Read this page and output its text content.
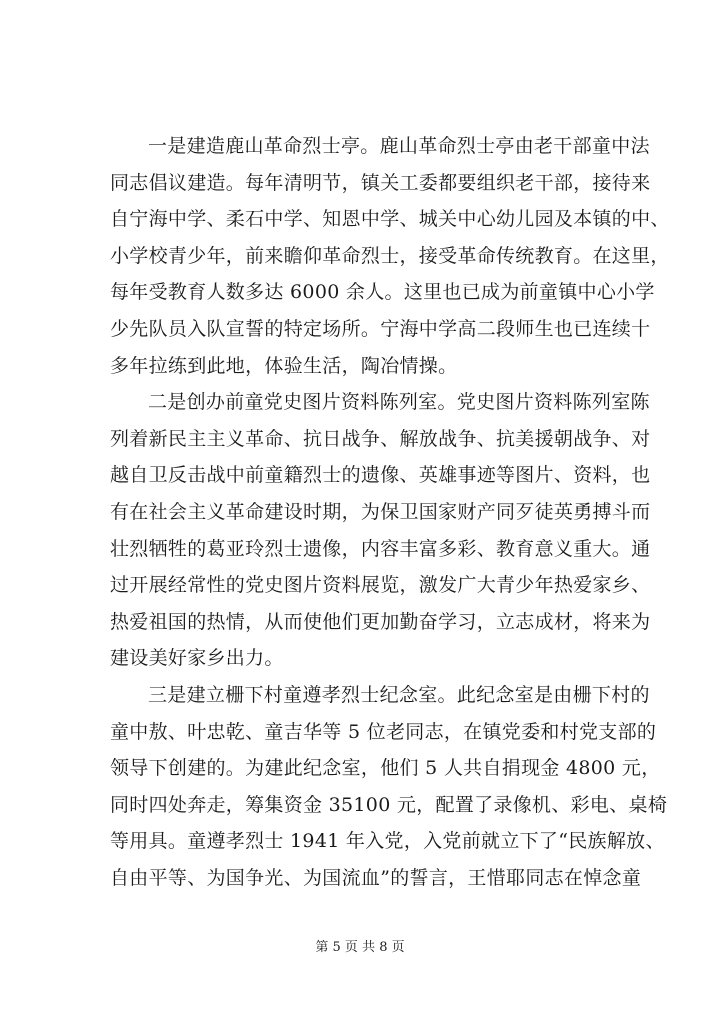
一是建造鹿山革命烈士亭。鹿山革命烈士亭由老干部童中法
同志倡议建造。每年清明节，镇关工委都要组织老干部，接待来
自宁海中学、柔石中学、知恩中学、城关中心幼儿园及本镇的中、
小学校青少年，前来瞻仰革命烈士，接受革命传统教育。在这里，
每年受教育人数多达 6000 余人。这里也已成为前童镇中心小学
少先队员入队宣誓的特定场所。宁海中学高二段师生也已连续十
多年拉练到此地，体验生活，陶冶情操。
二是创办前童党史图片资料陈列室。党史图片资料陈列室陈
列着新民主主义革命、抗日战争、解放战争、抗美援朝战争、对
越自卫反击战中前童籍烈士的遗像、英雄事迹等图片、资料，也
有在社会主义革命建设时期，为保卫国家财产同歹徒英勇搏斗而
壮烈牺牲的葛亚玲烈士遗像，内容丰富多彩、教育意义重大。通
过开展经常性的党史图片资料展览，激发广大青少年热爱家乡、
热爱祖国的热情，从而使他们更加勤奋学习，立志成材，将来为
建设美好家乡出力。
三是建立栅下村童遵孝烈士纪念室。此纪念室是由栅下村的
童中敖、叶忠乾、童吉华等 5 位老同志，在镇党委和村党支部的
领导下创建的。为建此纪念室，他们 5 人共自捐现金 4800 元，
同时四处奔走，筹集资金 35100 元，配置了录像机、彩电、桌椅
等用具。童遵孝烈士 1941 年入党，入党前就立下了“民族解放、
自由平等、为国争光、为国流血”的誓言，王惜耶同志在悼念童
第 5 页 共 8 页
